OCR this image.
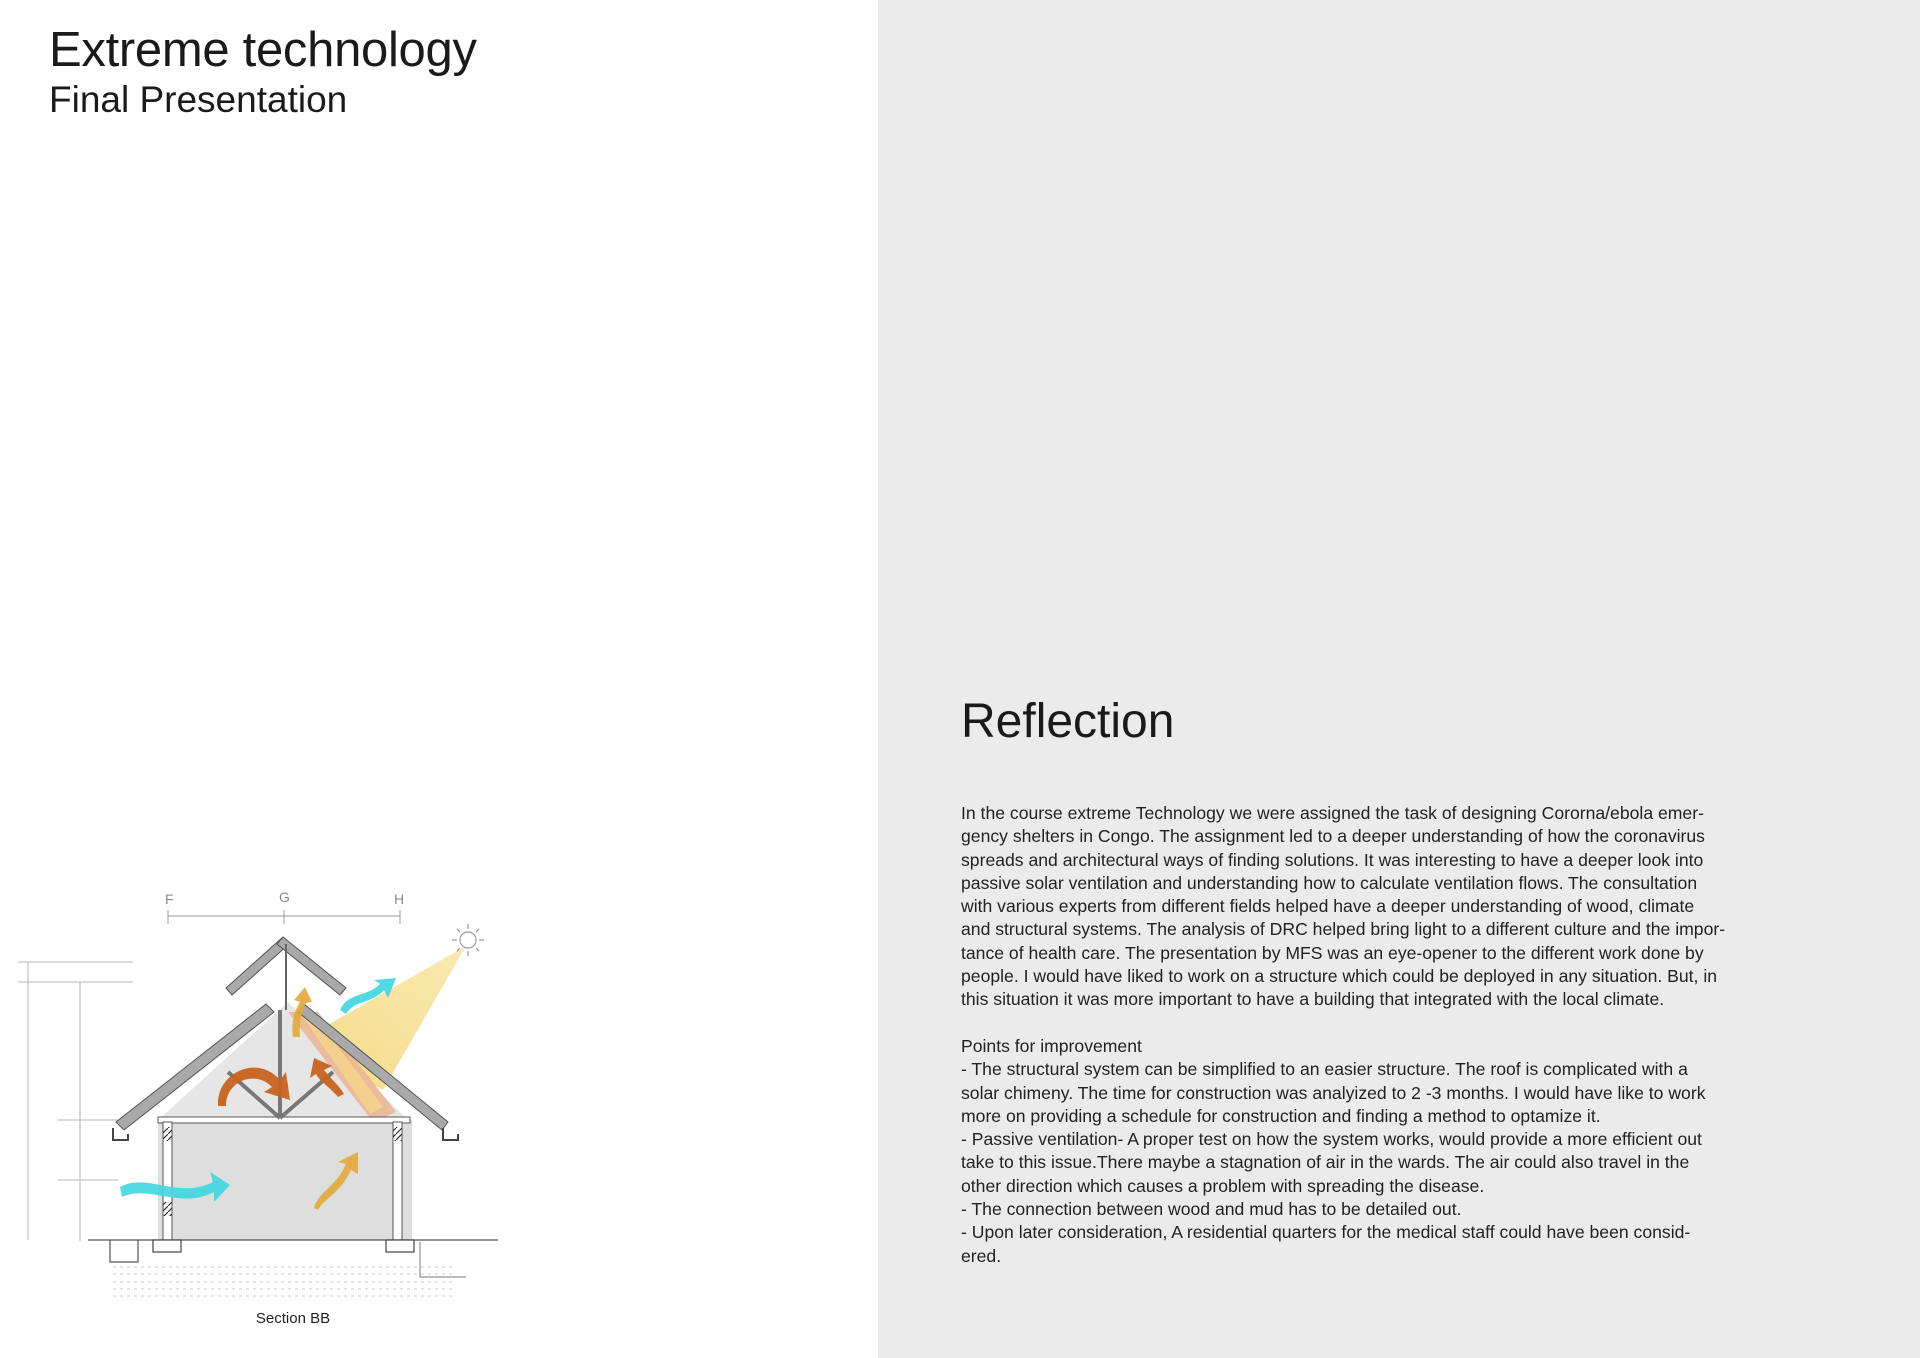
Extreme technology
Final Presentation
F	G	H
Section BB
Reflection

In the course extreme Technology we were assigned the task of designing Cororna/ebola emer-

gency shelters in Congo. The assignment led to a deeper understanding of how the coronavirus

spreads and architectural ways of finding solutions. It was interesting to have a deeper look into

passive solar ventilation and understanding how to calculate ventilation flows. The consultation

with various experts from different fields helped have a deeper understanding of wood, climate

and structural systems. The analysis of DRC helped bring light to a different culture and the impor-

tance of health care. The presentation by MFS was an eye-opener to the different work done by

people. I would have liked to work on a structure which could be deployed in any situation. But, in

this situation it was more important to have a building that integrated with the local climate.

Points for improvement

- The structural system can be simplified to an easier structure. The roof is complicated with a
solar chimeny. The time for construction was analyized to 2 -3 months. I would have like to work
more on providing a schedule for construction and finding a method to optamize it.
- Passive ventilation- A proper test on how the system works, would provide a more efficient out
take to this issue.There maybe a stagnation of air in the wards. The air could also travel in the
other direction which causes a problem with spreading the disease.
- The connection between wood and mud has to be detailed out.
- Upon later consideration, A residential quarters for the medical staff could have been consid-
ered.
